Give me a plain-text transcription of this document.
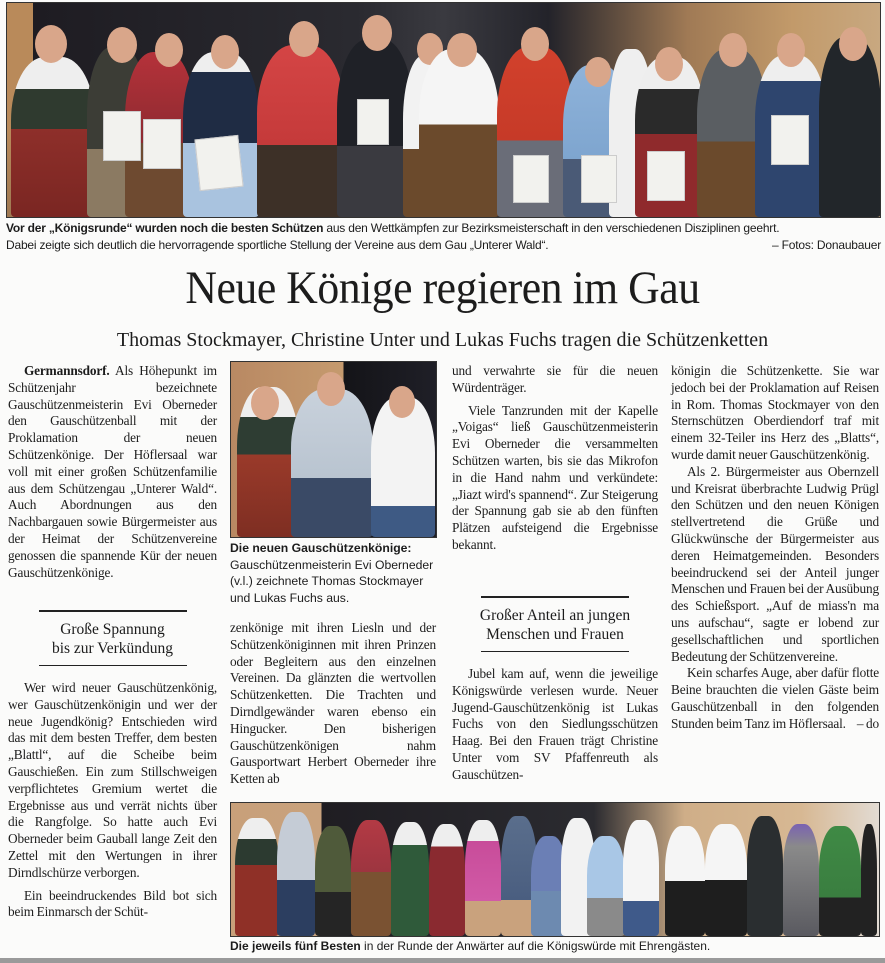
Vor der „Königsrunde“ wurden noch die besten Schützen aus den Wettkämpfen zur Bezirksmeisterschaft in den verschiedenen Disziplinen geehrt.
Dabei zeigte sich deutlich die hervorragende sportliche Stellung der Vereine aus dem Gau „Unterer Wald“.	– Fotos: Donaubauer
Neue Könige regieren im Gau
Thomas Stockmayer, Christine Unter und Lukas Fuchs tragen die Schützenketten

Germannsdorf. Als Höhepunkt im Schützenjahr bezeichnete Gauschützenmeisterin Evi Oberneder den Gauschützenball mit der Proklamation der neuen Schützenkönige. Der Höflersaal war voll mit einer großen Schützenfamilie aus dem Schützengau „Unterer Wald“. Auch Abordnungen aus den Nachbargauen sowie Bürgermeister aus der Heimat der Schützenvereine genossen die spannende Kür der neuen Gauschützenkönige.

Große Spannung
bis zur Verkündung

Wer wird neuer Gauschützenkönig, wer Gauschützenkönigin und wer der neue Jugendkönig? Entschieden wird das mit dem besten Treffer, dem besten „Blattl“, auf die Scheibe beim Gauschießen. Ein zum Stillschweigen verpflichtetes Gremium wertet die Ergebnisse aus und verrät nichts über die Rangfolge. So hatte auch Evi Oberneder beim Gauball lange Zeit den Zettel mit den Wertungen in ihrer Dirndlschürze verborgen.

Ein beeindruckendes Bild bot sich beim Einmarsch der Schüt-

Die neuen Gauschützenkönige: Gauschützenmeisterin Evi Oberneder (v.l.) zeichnete Thomas Stockmayer und Lukas Fuchs aus.

zenkönige mit ihren Liesln und der Schützenköniginnen mit ihren Prinzen oder Begleitern aus den einzelnen Vereinen. Da glänzten die wertvollen Schützenketten. Die Trachten und Dirndlgewänder waren ebenso ein Hingucker. Den bisherigen Gauschützenkönigen nahm Gausportwart Herbert Oberneder ihre Ketten ab

und verwahrte sie für die neuen Würdenträger.

Viele Tanzrunden mit der Kapelle „Voigas“ ließ Gauschützenmeisterin Evi Oberneder die versammelten Schützen warten, bis sie das Mikrofon in die Hand nahm und verkündete: „Jiazt wird's spannend“. Zur Steigerung der Spannung gab sie ab den fünften Plätzen aufsteigend die Ergebnisse bekannt.

Großer Anteil an jungen
Menschen und Frauen

Jubel kam auf, wenn die jeweilige Königswürde verlesen wurde. Neuer Jugend-Gauschützenkönig ist Lukas Fuchs von den Siedlungsschützen Haag. Bei den Frauen trägt Christine Unter vom SV Pfaffenreuth als Gauschützen-

königin die Schützenkette. Sie war jedoch bei der Proklamation auf Reisen in Rom. Thomas Stockmayer von den Sternschützen Oberdiendorf traf mit einem 32-Teiler ins Herz des „Blatts“, wurde damit neuer Gauschützenkönig.

Als 2. Bürgermeister aus Obernzell und Kreisrat überbrachte Ludwig Prügl den Schützen und den neuen Königen stellvertretend die Grüße und Glückwünsche der Bürgermeister aus deren Heimatgemeinden. Besonders beeindruckend sei der Anteil junger Menschen und Frauen bei der Ausübung des Schießsport. „Auf de miass'n ma uns aufschau“, sagte er lobend zur gesellschaftlichen und sportlichen Bedeutung der Schützenvereine.

Kein scharfes Auge, aber dafür flotte Beine brauchten die vielen Gäste beim Gauschützenball in den folgenden Stunden beim Tanz im Höflersaal. – do

Die jeweils fünf Besten in der Runde der Anwärter auf die Königswürde mit Ehrengästen.
